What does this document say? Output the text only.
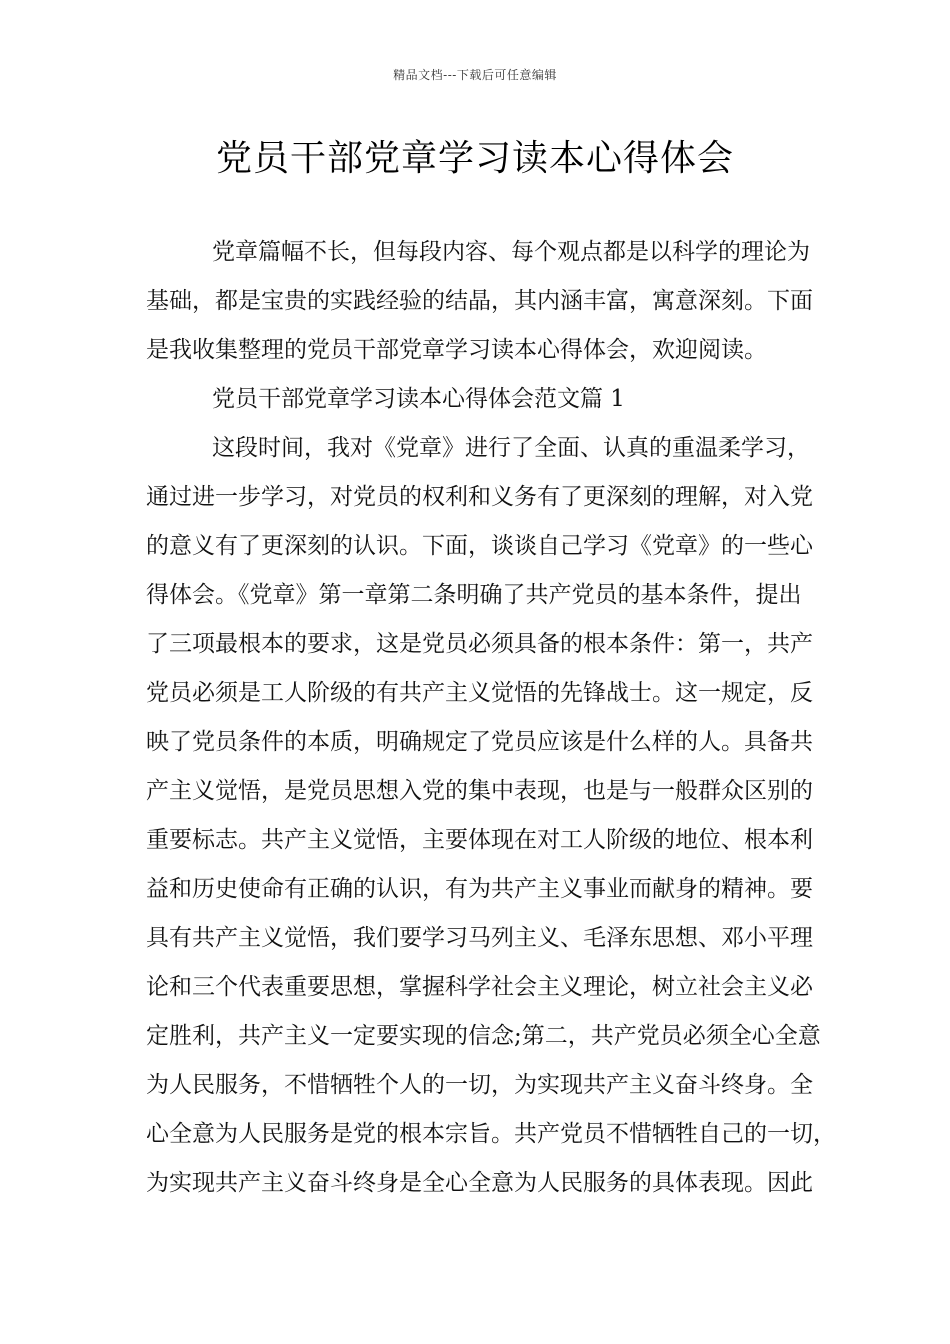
精品文档---下载后可任意编辑
党员干部党章学习读本心得体会
党章篇幅不长，但每段内容、每个观点都是以科学的理论为
基础，都是宝贵的实践经验的结晶，其内涵丰富，寓意深刻。下面
是我收集整理的党员干部党章学习读本心得体会，欢迎阅读。
党员干部党章学习读本心得体会范文篇 1
这段时间，我对《党章》进行了全面、认真的重温柔学习，
通过进一步学习，对党员的权利和义务有了更深刻的理解，对入党
的意义有了更深刻的认识。下面，谈谈自己学习《党章》的一些心
得体会。《党章》第一章第二条明确了共产党员的基本条件，提出
了三项最根本的要求，这是党员必须具备的根本条件：第一，共产
党员必须是工人阶级的有共产主义觉悟的先锋战士。这一规定，反
映了党员条件的本质，明确规定了党员应该是什么样的人。具备共
产主义觉悟，是党员思想入党的集中表现，也是与一般群众区别的
重要标志。共产主义觉悟，主要体现在对工人阶级的地位、根本利
益和历史使命有正确的认识，有为共产主义事业而献身的精神。要
具有共产主义觉悟，我们要学习马列主义、毛泽东思想、邓小平理
论和三个代表重要思想，掌握科学社会主义理论，树立社会主义必
定胜利，共产主义一定要实现的信念;第二，共产党员必须全心全意
为人民服务，不惜牺牲个人的一切，为实现共产主义奋斗终身。全
心全意为人民服务是党的根本宗旨。共产党员不惜牺牲自己的一切，
为实现共产主义奋斗终身是全心全意为人民服务的具体表现。因此
